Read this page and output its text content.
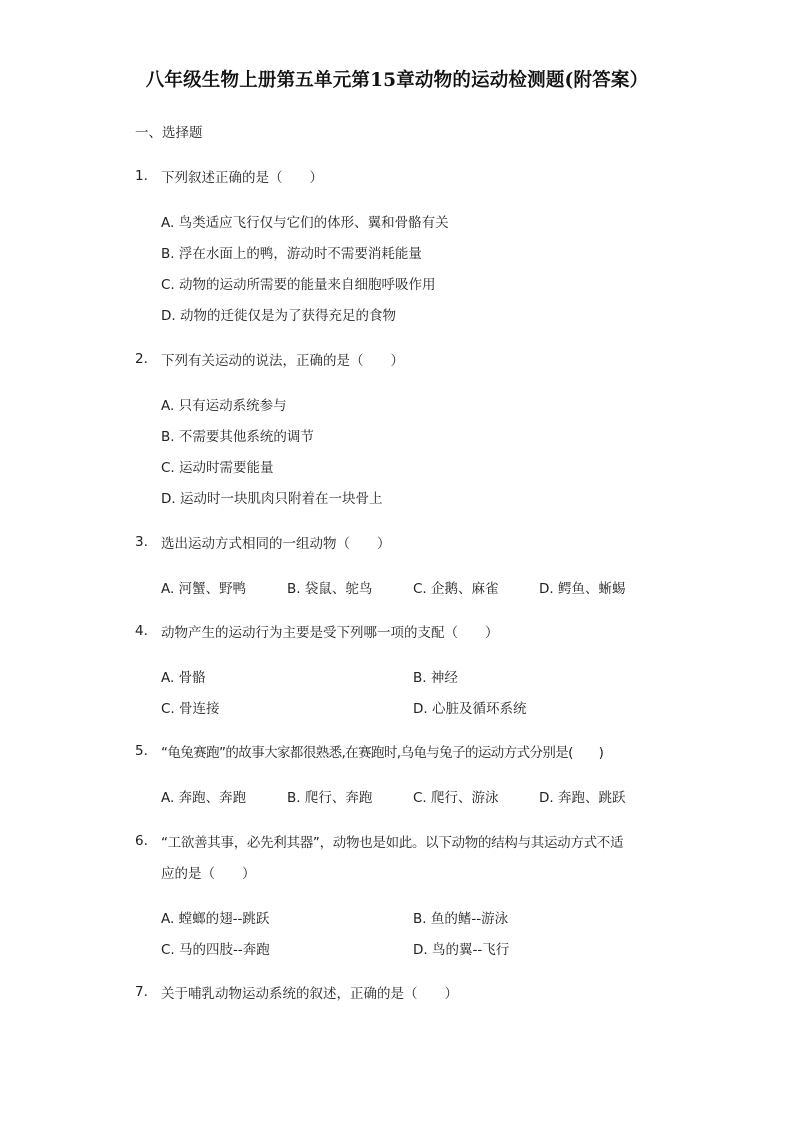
八年级生物上册第五单元第15章动物的运动检测题(附答案）
一、选择题
1. 下列叙述正确的是（　　）
A. 鸟类适应飞行仅与它们的体形、翼和骨骼有关
B. 浮在水面上的鸭，游动时不需要消耗能量
C. 动物的运动所需要的能量来自细胞呼吸作用
D. 动物的迁徙仅是为了获得充足的食物
2. 下列有关运动的说法，正确的是（　　）
A. 只有运动系统参与
B. 不需要其他系统的调节
C. 运动时需要能量
D. 运动时一块肌肉只附着在一块骨上
3. 选出运动方式相同的一组动物（　　）
A. 河蟹、野鸭	B. 袋鼠、鸵鸟	C. 企鹅、麻雀	D. 鳄鱼、蜥蜴
4. 动物产生的运动行为主要是受下列哪一项的支配（　　）
A. 骨骼	B. 神经
C. 骨连接	D. 心脏及循环系统
5. “龟兔赛跑”的故事大家都很熟悉,在赛跑时,乌龟与兔子的运动方式分别是(　　)
A. 奔跑、奔跑	B. 爬行、奔跑	C. 爬行、游泳	D. 奔跑、跳跃
6. “工欲善其事，必先利其器”，动物也是如此。以下动物的结构与其运动方式不适
应的是（　　）
A. 螳螂的翅--跳跃	B. 鱼的鳍--游泳
C. 马的四肢--奔跑	D. 鸟的翼--飞行
7. 关于哺乳动物运动系统的叙述，正确的是（　　）
